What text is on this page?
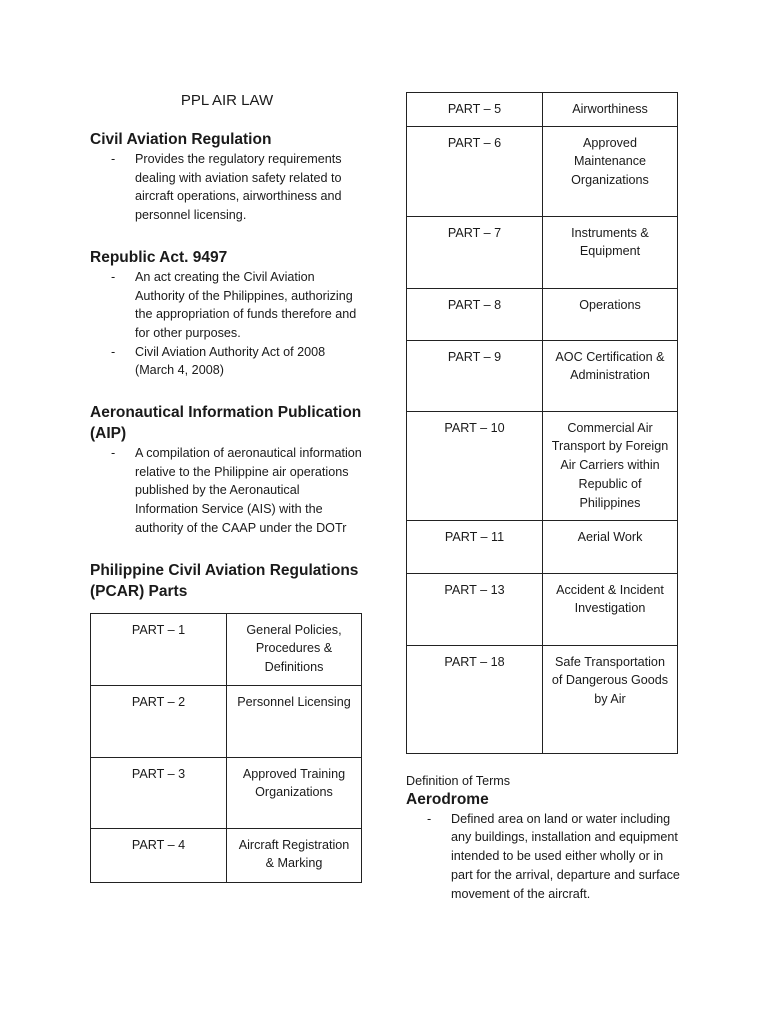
PPL AIR LAW
Civil Aviation Regulation
- Provides the regulatory requirements dealing with aviation safety related to aircraft operations, airworthiness and personnel licensing.
Republic Act. 9497
- An act creating the Civil Aviation Authority of the Philippines, authorizing the appropriation of funds therefore and for other purposes.
- Civil Aviation Authority Act of 2008 (March 4, 2008)
Aeronautical Information Publication (AIP)
- A compilation of aeronautical information relative to the Philippine air operations published by the Aeronautical Information Service (AIS) with the authority of the CAAP under the DOTr
Philippine Civil Aviation Regulations (PCAR) Parts
PART – 1	General Policies, Procedures & Definitions
PART – 2	Personnel Licensing
PART – 3	Approved Training Organizations
PART – 4	Aircraft Registration & Marking
PART – 5	Airworthiness
PART – 6	Approved Maintenance Organizations
PART – 7	Instruments & Equipment
PART – 8	Operations
PART – 9	AOC Certification & Administration
PART – 10	Commercial Air Transport by Foreign Air Carriers within Republic of Philippines
PART – 11	Aerial Work
PART – 13	Accident & Incident Investigation
PART – 18	Safe Transportation of Dangerous Goods by Air

Definition of Terms

Aerodrome
- Defined area on land or water including any buildings, installation and equipment intended to be used either wholly or in part for the arrival, departure and surface movement of the aircraft.
